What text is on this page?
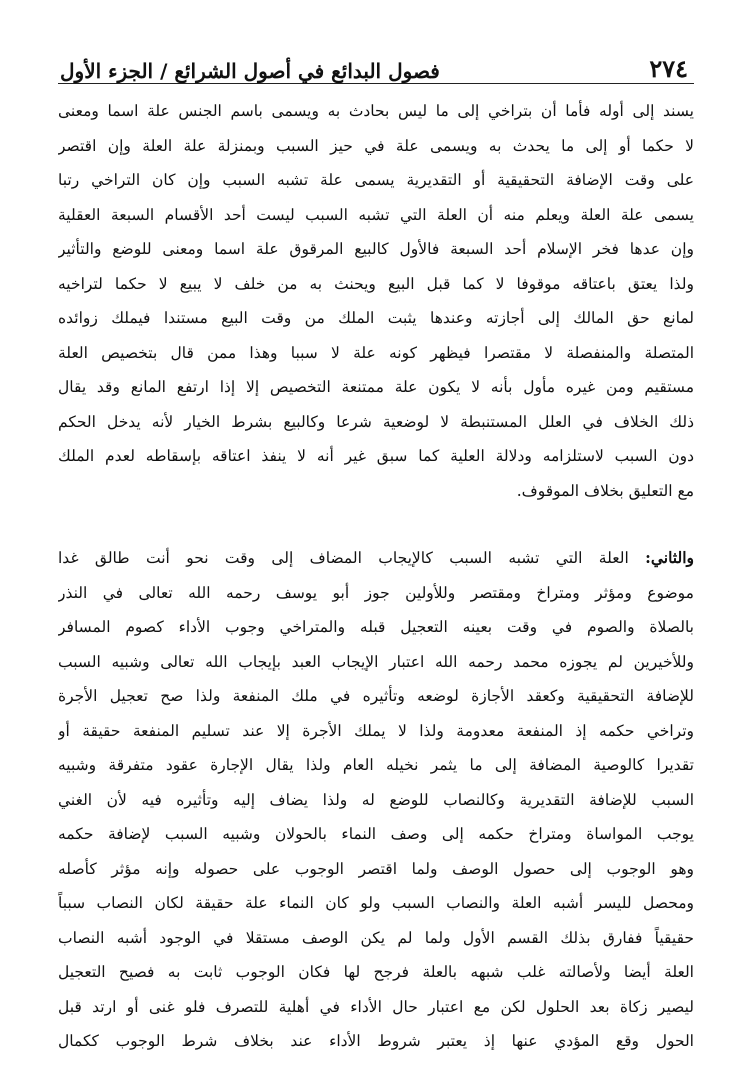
٢٧٤
فصول البدائع في أصول الشرائع / الجزء الأول
يسند إلى أوله فأما أن بتراخي إلى ما ليس بحادث به ويسمى باسم الجنس علة اسما ومعنى
لا حكما أو إلى ما يحدث به ويسمى علة في حيز السبب وبمنزلة علة العلة وإن اقتصر
على وقت الإضافة التحقيقية أو التقديرية يسمى علة تشبه السبب وإن كان التراخي رتبا
يسمى علة العلة ويعلم منه أن العلة التي تشبه السبب ليست أحد الأقسام السبعة العقلية
وإن عدها فخر الإسلام أحد السبعة فالأول كالبيع المرقوق علة اسما ومعنى للوضع والتأثير
ولذا يعتق باعتاقه موقوفا لا كما قبل البيع ويحنث به من خلف لا يبيع لا حكما لتراخيه
لمانع حق المالك إلى أجازته وعندها يثبت الملك من وقت البيع مستندا فيملك زوائده
المتصلة والمنفصلة لا مقتصرا فيظهر كونه علة لا سببا وهذا ممن قال بتخصيص العلة
مستقيم ومن غيره مأول بأنه لا يكون علة ممتنعة التخصيص إلا إذا ارتفع المانع وقد يقال
ذلك الخلاف في العلل المستنبطة لا لوضعية شرعا وكالبيع بشرط الخيار لأنه يدخل الحكم
دون السبب لاستلزامه ودلالة العلية كما سبق غير أنه لا ينفذ اعتاقه بإسقاطه لعدم الملك
مع التعليق بخلاف الموقوف.
والثاني: العلة التي تشبه السبب كالإيجاب المضاف إلى وقت نحو أنت طالق غدا
موضوع ومؤثر ومتراخ ومقتصر وللأولين جوز أبو يوسف رحمه الله تعالى في النذر
بالصلاة والصوم في وقت بعينه التعجيل قبله والمتراخي وجوب الأداء كصوم المسافر
وللأخيرين لم يجوزه محمد رحمه الله اعتبار الإيجاب العبد بإيجاب الله تعالى وشبيه السبب
للإضافة التحقيقية وكعقد الأجازة لوضعه وتأثيره في ملك المنفعة ولذا صح تعجيل الأجرة
وتراخي حكمه إذ المنفعة معدومة ولذا لا يملك الأجرة إلا عند تسليم المنفعة حقيقة أو
تقديرا كالوصية المضافة إلى ما يثمر نخيله العام ولذا يقال الإجارة عقود متفرقة وشبيه
السبب للإضافة التقديرية وكالنصاب للوضع له ولذا يضاف إليه وتأثيره فيه لأن الغني
يوجب المواساة ومتراخ حكمه إلى وصف النماء بالحولان وشبيه السبب لإضافة حكمه
وهو الوجوب إلى حصول الوصف ولما اقتصر الوجوب على حصوله وإنه مؤثر كأصله
ومحصل لليسر أشبه العلة والنصاب السبب ولو كان النماء علة حقيقة لكان النصاب سبباً
حقيقياً ففارق بذلك القسم الأول ولما لم يكن الوصف مستقلا في الوجود أشبه النصاب
العلة أيضا ولأصالته غلب شبهه بالعلة فرجح لها فكان الوجوب ثابت به فصيح التعجيل
ليصير زكاة بعد الحلول لكن مع اعتبار حال الأداء في أهلية للتصرف فلو غنى أو ارتد قبل
الحول وقع المؤدي عنها إذ يعتبر شروط الأداء عند بخلاف شرط الوجوب ككمال
